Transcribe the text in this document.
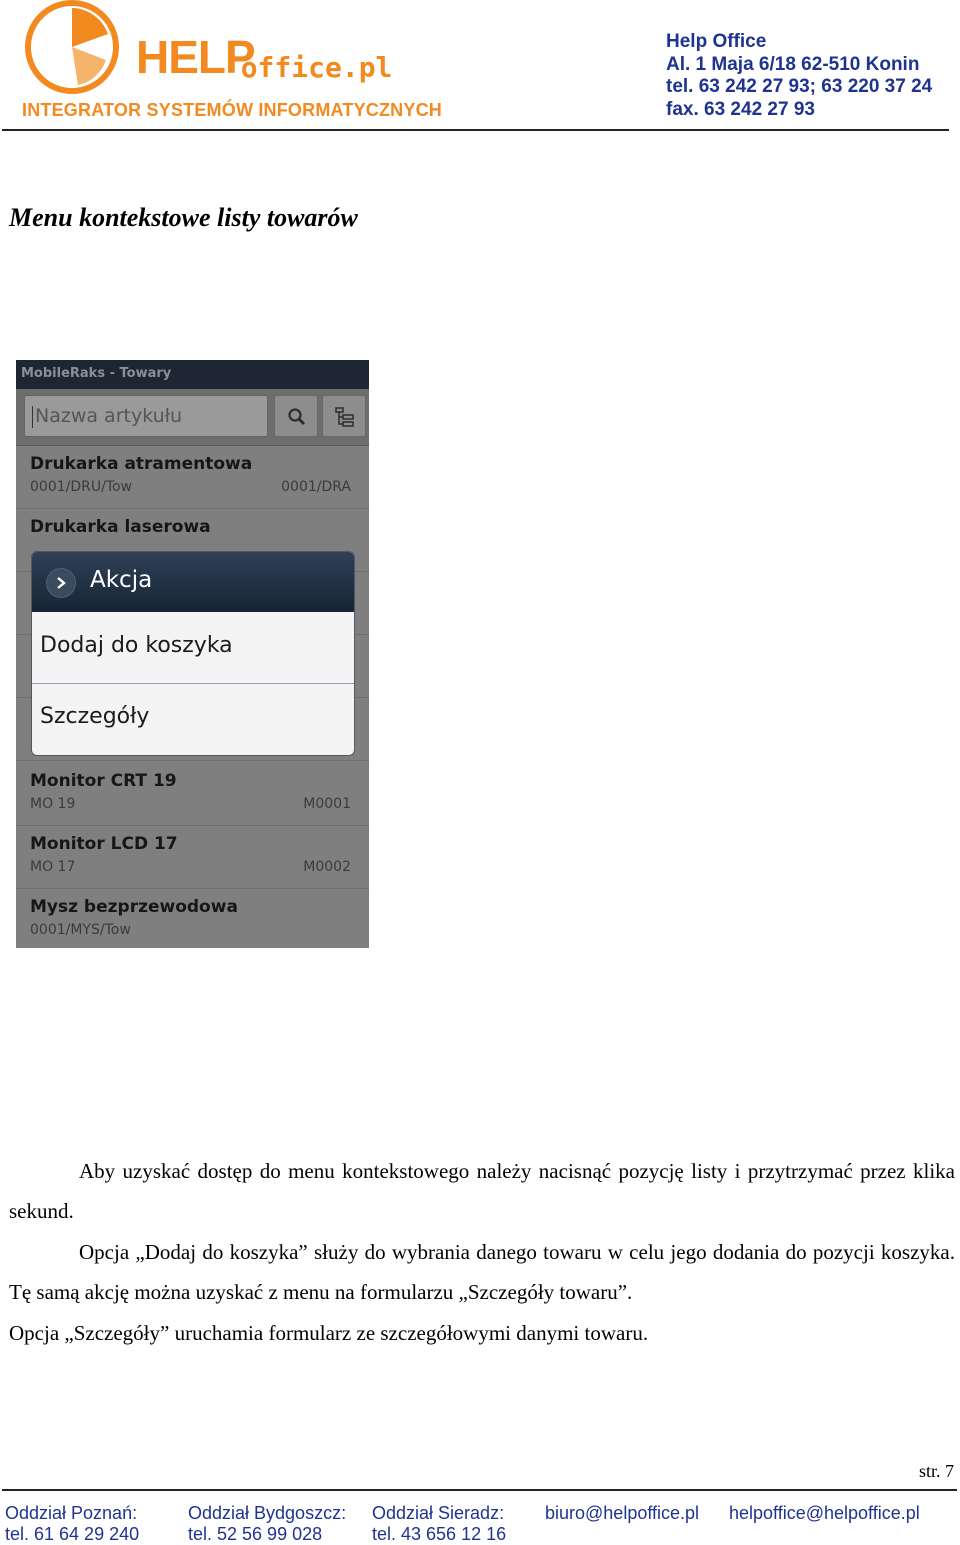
HELPoffice.pl
INTEGRATOR SYSTEMÓW INFORMATYCZNYCH
Help Office
Al. 1 Maja 6/18 62-510 Konin
tel. 63 242 27 93; 63 220 37 24
fax. 63 242 27 93
Menu kontekstowe listy towarów
MobileRaks - Towary
Nazwa artykułu
Drukarka atramentowa
0001/DRU/Tow	0001/DRA
Drukarka laserowa
Monitor CRT 19
MO 19	M0001
Monitor LCD 17
MO 17	M0002
Mysz bezprzewodowa
0001/MYS/Tow
Akcja
Dodaj do koszyka
Szczegóły
Aby uzyskać dostęp do menu kontekstowego należy nacisnąć pozycję listy i przytrzymać przez klika sekund.
Opcja „Dodaj do koszyka” służy do wybrania danego towaru w celu jego dodania do pozycji koszyka. Tę samą akcję można uzyskać z menu na formularzu „Szczegóły towaru”.
Opcja „Szczegóły” uruchamia formularz ze szczegółowymi danymi towaru.
str. 7
Oddział Poznań:
tel. 61 64 29 240
Oddział Bydgoszcz:
tel. 52 56 99 028
Oddział Sieradz:
tel. 43 656 12 16
biuro@helpoffice.pl helpoffice@helpoffice.pl
